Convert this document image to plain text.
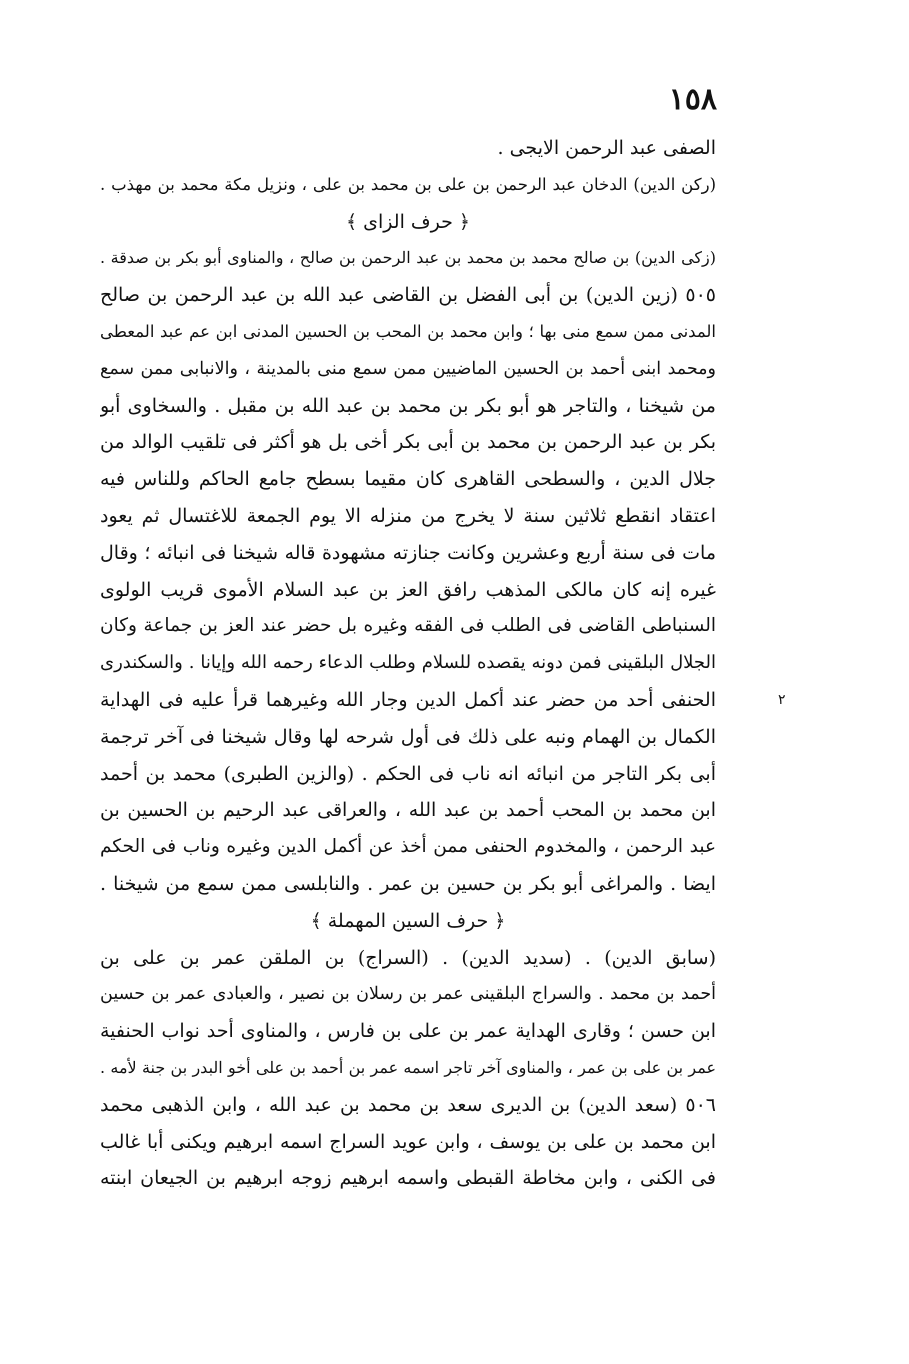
١٥٨
٢
الصفى عبد الرحمن الايجى .
(ركن الدين) الدخان عبد الرحمن بن على بن محمد بن على ، ونزيل مكة محمد بن مهذب .
﴿ حرف الزاى ﴾
(زكى الدين) بن صالح محمد بن محمد بن عبد الرحمن بن صالح ، والمناوى أبو بكر بن صدقة .
٥٠٥ (زين الدين) بن أبى الفضل بن القاضى عبد الله بن عبد الرحمن بن صالح
المدنى ممن سمع منى بها ؛ وابن محمد بن المحب بن الحسين المدنى ابن عم عبد المعطى
ومحمد ابنى أحمد بن الحسين الماضيين ممن سمع منى بالمدينة ، والانبابى ممن سمع
من شيخنا ، والتاجر هو أبو بكر بن محمد بن عبد الله بن مقبل . والسخاوى أبو
بكر بن عبد الرحمن بن محمد بن أبى بكر أخى بل هو أكثر فى تلقيب الوالد من
جلال الدين ، والسطحى القاهرى كان مقيما بسطح جامع الحاكم وللناس فيه
اعتقاد انقطع ثلاثين سنة لا يخرج من منزله الا يوم الجمعة للاغتسال ثم يعود
مات فى سنة أربع وعشرين وكانت جنازته مشهودة قاله شيخنا فى انبائه ؛ وقال
غيره إنه كان مالكى المذهب رافق العز بن عبد السلام الأموى قريب الولوى
السنباطى القاضى فى الطلب فى الفقه وغيره بل حضر عند العز بن جماعة وكان
الجلال البلقينى فمن دونه يقصده للسلام وطلب الدعاء رحمه الله وإيانا . والسكندرى
الحنفى أحد من حضر عند أكمل الدين وجار الله وغيرهما قرأ عليه فى الهداية
الكمال بن الهمام ونبه على ذلك فى أول شرحه لها وقال شيخنا فى آخر ترجمة
أبى بكر التاجر من انبائه انه ناب فى الحكم . (والزين الطبرى) محمد بن أحمد
ابن محمد بن المحب أحمد بن عبد الله ، والعراقى عبد الرحيم بن الحسين بن
عبد الرحمن ، والمخدوم الحنفى ممن أخذ عن أكمل الدين وغيره وناب فى الحكم
ايضا . والمراغى أبو بكر بن حسين بن عمر . والنابلسى ممن سمع من شيخنا .
﴿ حرف السين المهملة ﴾
(سابق الدين) . (سديد الدين) . (السراج) بن الملقن عمر بن على بن
أحمد بن محمد . والسراج البلقينى عمر بن رسلان بن نصير ، والعبادى عمر بن حسين
ابن حسن ؛ وقارى الهداية عمر بن على بن فارس ، والمناوى أحد نواب الحنفية
عمر بن على بن عمر ، والمناوى آخر تاجر اسمه عمر بن أحمد بن على أخو البدر بن جنة لأمه .
٥٠٦ (سعد الدين) بن الديرى سعد بن محمد بن عبد الله ، وابن الذهبى محمد
ابن محمد بن على بن يوسف ، وابن عويد السراج اسمه ابرهيم ويكنى أبا غالب
فى الكنى ، وابن مخاطة القبطى واسمه ابرهيم زوجه ابرهيم بن الجيعان ابنته
